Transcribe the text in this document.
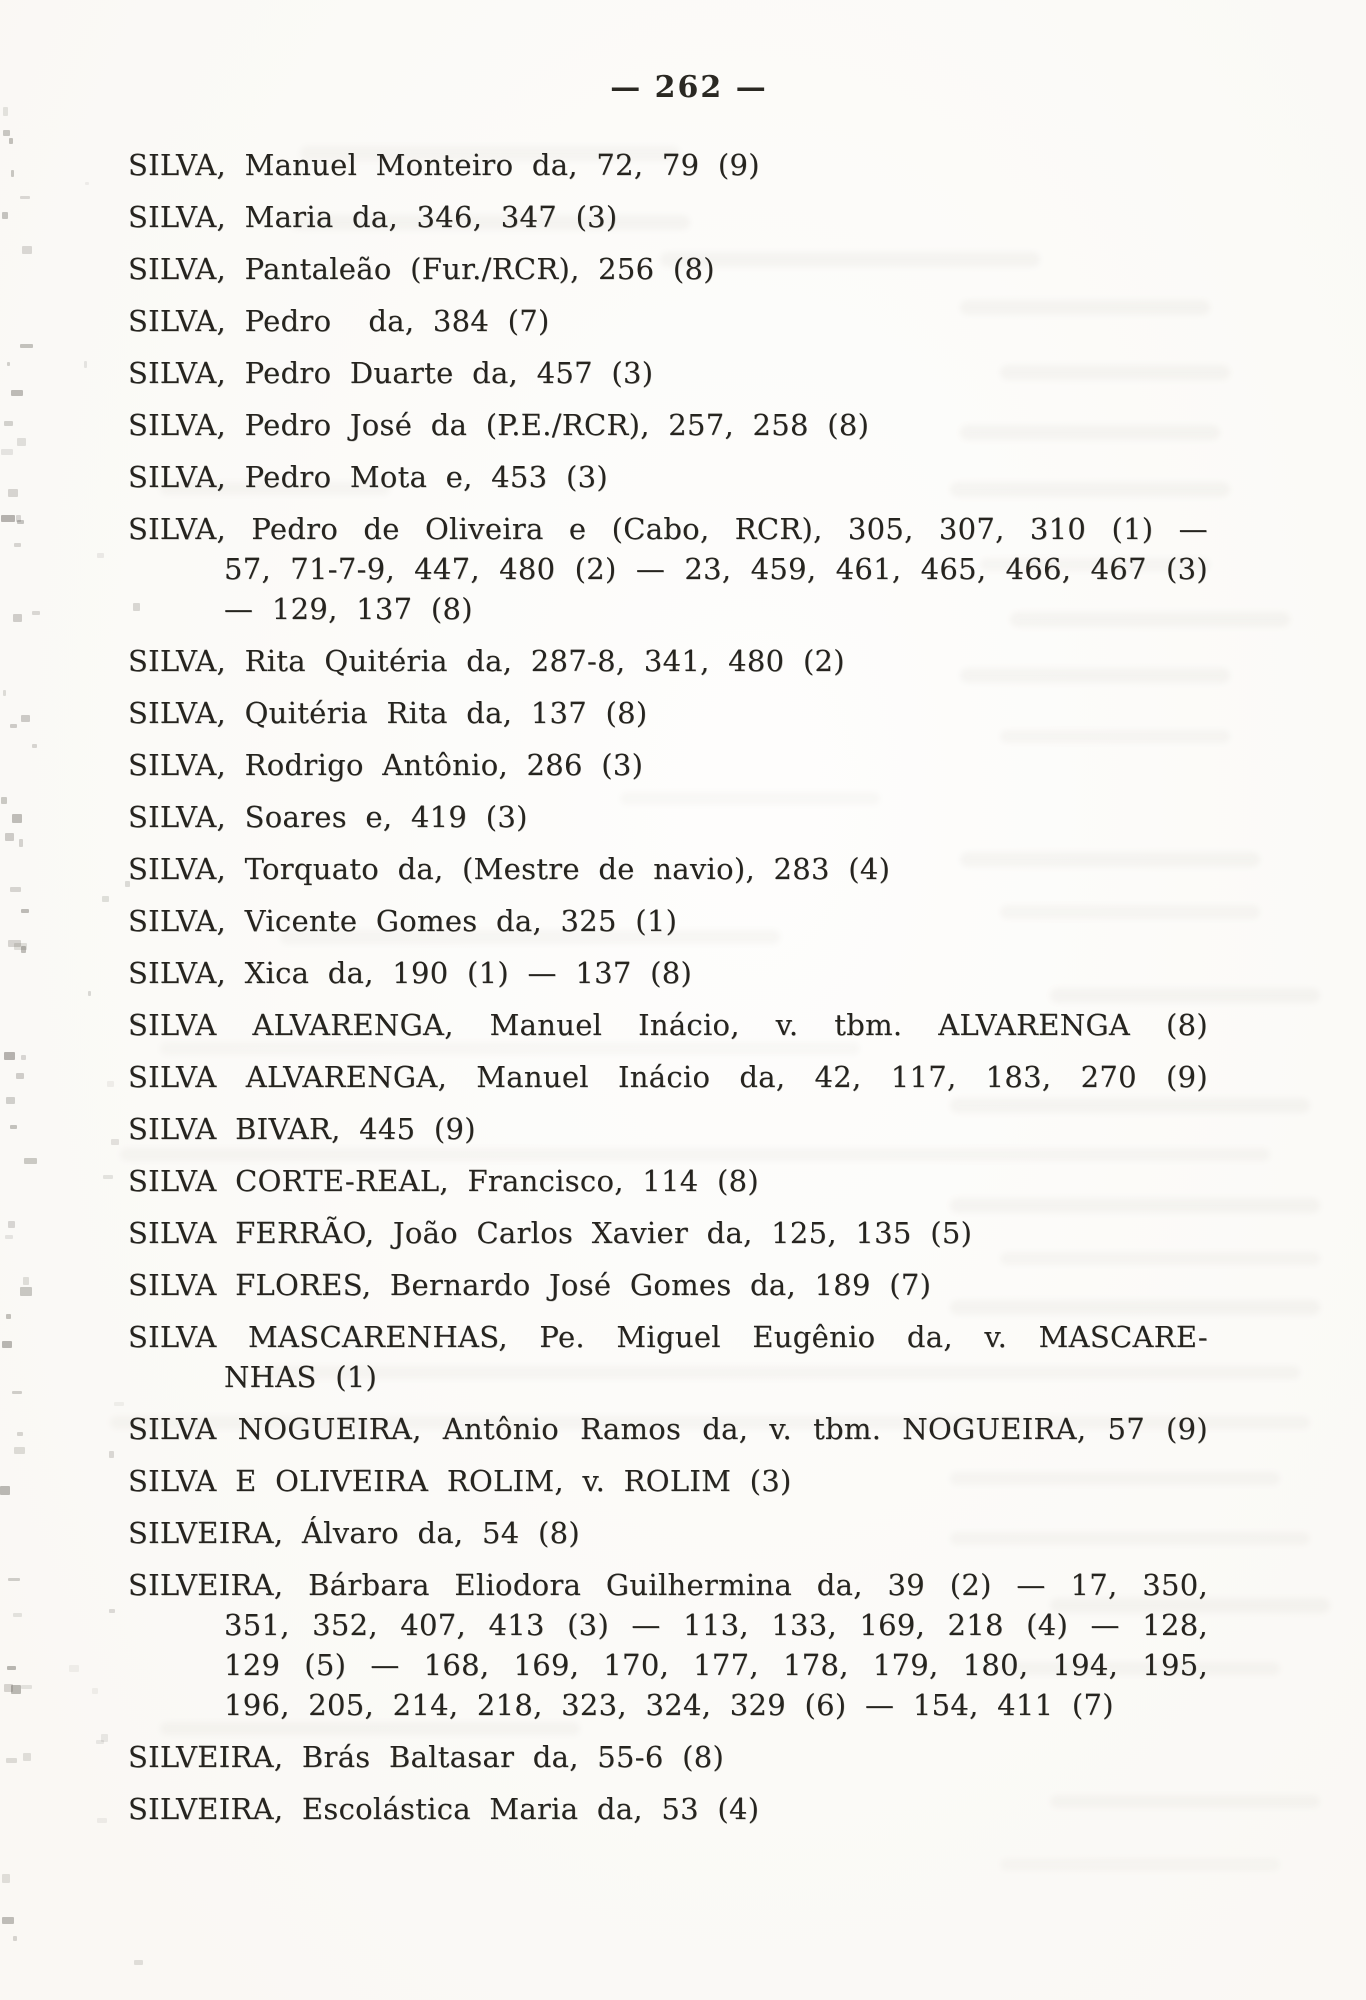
— 262 —
SILVA, Manuel Monteiro da, 72, 79 (9)
SILVA, Maria da, 346, 347 (3)
SILVA, Pantaleão (Fur./RCR), 256 (8)
SILVA, Pedro  da, 384 (7)
SILVA, Pedro Duarte da, 457 (3)
SILVA, Pedro José da (P.E./RCR), 257, 258 (8)
SILVA, Pedro Mota e, 453 (3)
SILVA, Pedro de Oliveira e (Cabo, RCR), 305, 307, 310 (1) —
57, 71-7-9, 447, 480 (2) — 23, 459, 461, 465, 466, 467 (3)
— 129, 137 (8)
SILVA, Rita Quitéria da, 287-8, 341, 480 (2)
SILVA, Quitéria Rita da, 137 (8)
SILVA, Rodrigo Antônio, 286 (3)
SILVA, Soares e, 419 (3)
SILVA, Torquato da, (Mestre de navio), 283 (4)
SILVA, Vicente Gomes da, 325 (1)
SILVA, Xica da, 190 (1) — 137 (8)
SILVA ALVARENGA, Manuel Inácio, v. tbm. ALVARENGA (8)
SILVA ALVARENGA, Manuel Inácio da, 42, 117, 183, 270 (9)
SILVA BIVAR, 445 (9)
SILVA CORTE-REAL, Francisco, 114 (8)
SILVA FERRÃO, João Carlos Xavier da, 125, 135 (5)
SILVA FLORES, Bernardo José Gomes da, 189 (7)
SILVA MASCARENHAS, Pe. Miguel Eugênio da, v. MASCARE-
NHAS (1)
SILVA NOGUEIRA, Antônio Ramos da, v. tbm. NOGUEIRA, 57 (9)
SILVA E OLIVEIRA ROLIM, v. ROLIM (3)
SILVEIRA, Álvaro da, 54 (8)
SILVEIRA, Bárbara Eliodora Guilhermina da, 39 (2) — 17, 350,
351, 352, 407, 413 (3) — 113, 133, 169, 218 (4) — 128,
129 (5) — 168, 169, 170, 177, 178, 179, 180, 194, 195,
196, 205, 214, 218, 323, 324, 329 (6) — 154, 411 (7)
SILVEIRA, Brás Baltasar da, 55-6 (8)
SILVEIRA, Escolástica Maria da, 53 (4)
